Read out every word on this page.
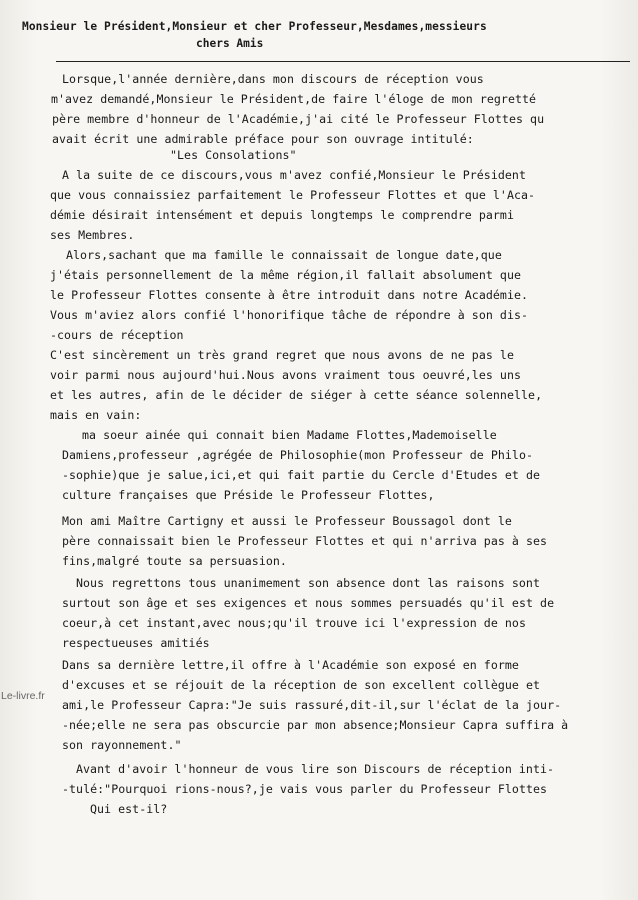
Monsieur le Président,Monsieur et cher Professeur,Mesdames,messieurs
chers Amis
Le-livre.fr
Lorsque,l'année dernière,dans mon discours de réception vous
m'avez demandé,Monsieur le Président,de faire l'éloge de mon regretté
père membre d'honneur de l'Académie,j'ai cité le Professeur Flottes qu
avait écrit une admirable préface pour son ouvrage intitulé:
"Les Consolations"
A la suite de ce discours,vous m'avez confié,Monsieur le Président
que vous connaissiez parfaitement le Professeur Flottes et que l'Aca-
démie désirait intensément et depuis longtemps le comprendre parmi
ses Membres.
Alors,sachant que ma famille le connaissait de longue date,que
j'étais personnellement de la même région,il fallait absolument que
le Professeur Flottes consente à être introduit dans notre Académie.
Vous m'aviez alors confié l'honorifique tâche de répondre à son dis-
-cours de réception
C'est sincèrement un très grand regret que nous avons de ne pas le
voir parmi nous aujourd'hui.Nous avons vraiment tous oeuvré,les uns
et les autres, afin de le décider de siéger à cette séance solennelle,
mais en vain:
ma soeur ainée qui connait bien Madame Flottes,Mademoiselle
Damiens,professeur ,agrégée de Philosophie(mon Professeur de Philo-
-sophie)que je salue,ici,et qui fait partie du Cercle d'Etudes et de
culture françaises que Préside le Professeur Flottes,
Mon ami Maître Cartigny et aussi le Professeur Boussagol dont le
père connaissait bien le Professeur Flottes et qui n'arriva pas à ses
fins,malgré toute sa persuasion.
Nous regrettons tous unanimement son absence dont las raisons sont
surtout son âge et ses exigences et nous sommes persuadés qu'il est de
coeur,à cet instant,avec nous;qu'il trouve ici l'expression de nos
respectueuses amitiés
Dans sa dernière lettre,il offre à l'Académie son exposé en forme
d'excuses et se réjouit de la réception de son excellent collègue et
ami,le Professeur Capra:"Je suis rassuré,dit-il,sur l'éclat de la jour-
-née;elle ne sera pas obscurcie par mon absence;Monsieur Capra suffira à
son rayonnement."
Avant d'avoir l'honneur de vous lire son Discours de réception inti-
-tulé:"Pourquoi rions-nous?,je vais vous parler du Professeur Flottes
Qui est-il?
